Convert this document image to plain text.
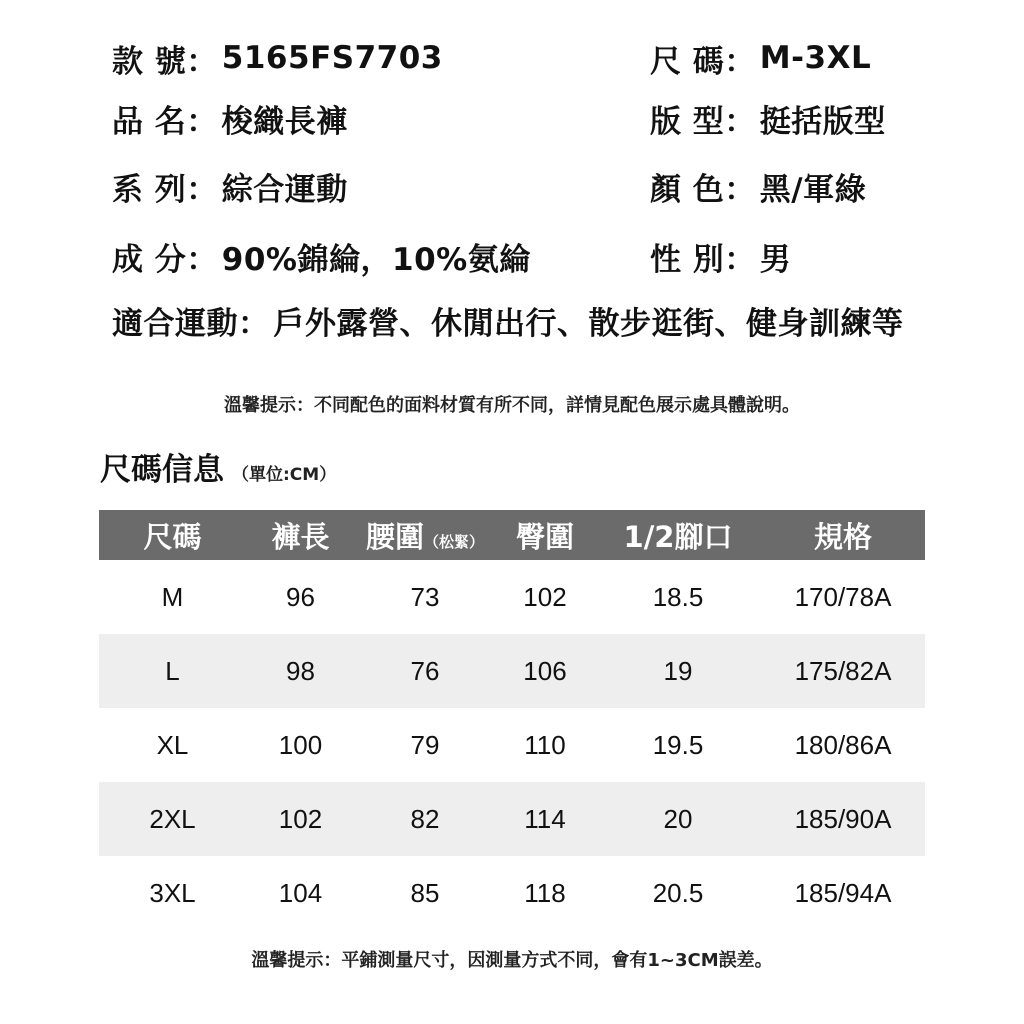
款 號： 5165FS7703	尺 碼： M-3XL
品 名： 梭織長褲	版 型： 挺括版型
系 列： 綜合運動	顏 色： 黑/軍綠
成 分： 90%錦綸，10%氨綸	性 別： 男
適合運動： 戶外露營、休閒出行、散步逛街、健身訓練等
溫馨提示：不同配色的面料材質有所不同，詳情見配色展示處具體說明。
尺碼信息 （單位:CM）
尺碼	褲長	腰圍（松緊）	臀圍	1/2腳口	規格
M	96	73	102	18.5	170/78A
L	98	76	106	19	175/82A
XL	100	79	110	19.5	180/86A
2XL	102	82	114	20	185/90A
3XL	104	85	118	20.5	185/94A
溫馨提示：平鋪測量尺寸，因測量方式不同，會有1~3CM誤差。
